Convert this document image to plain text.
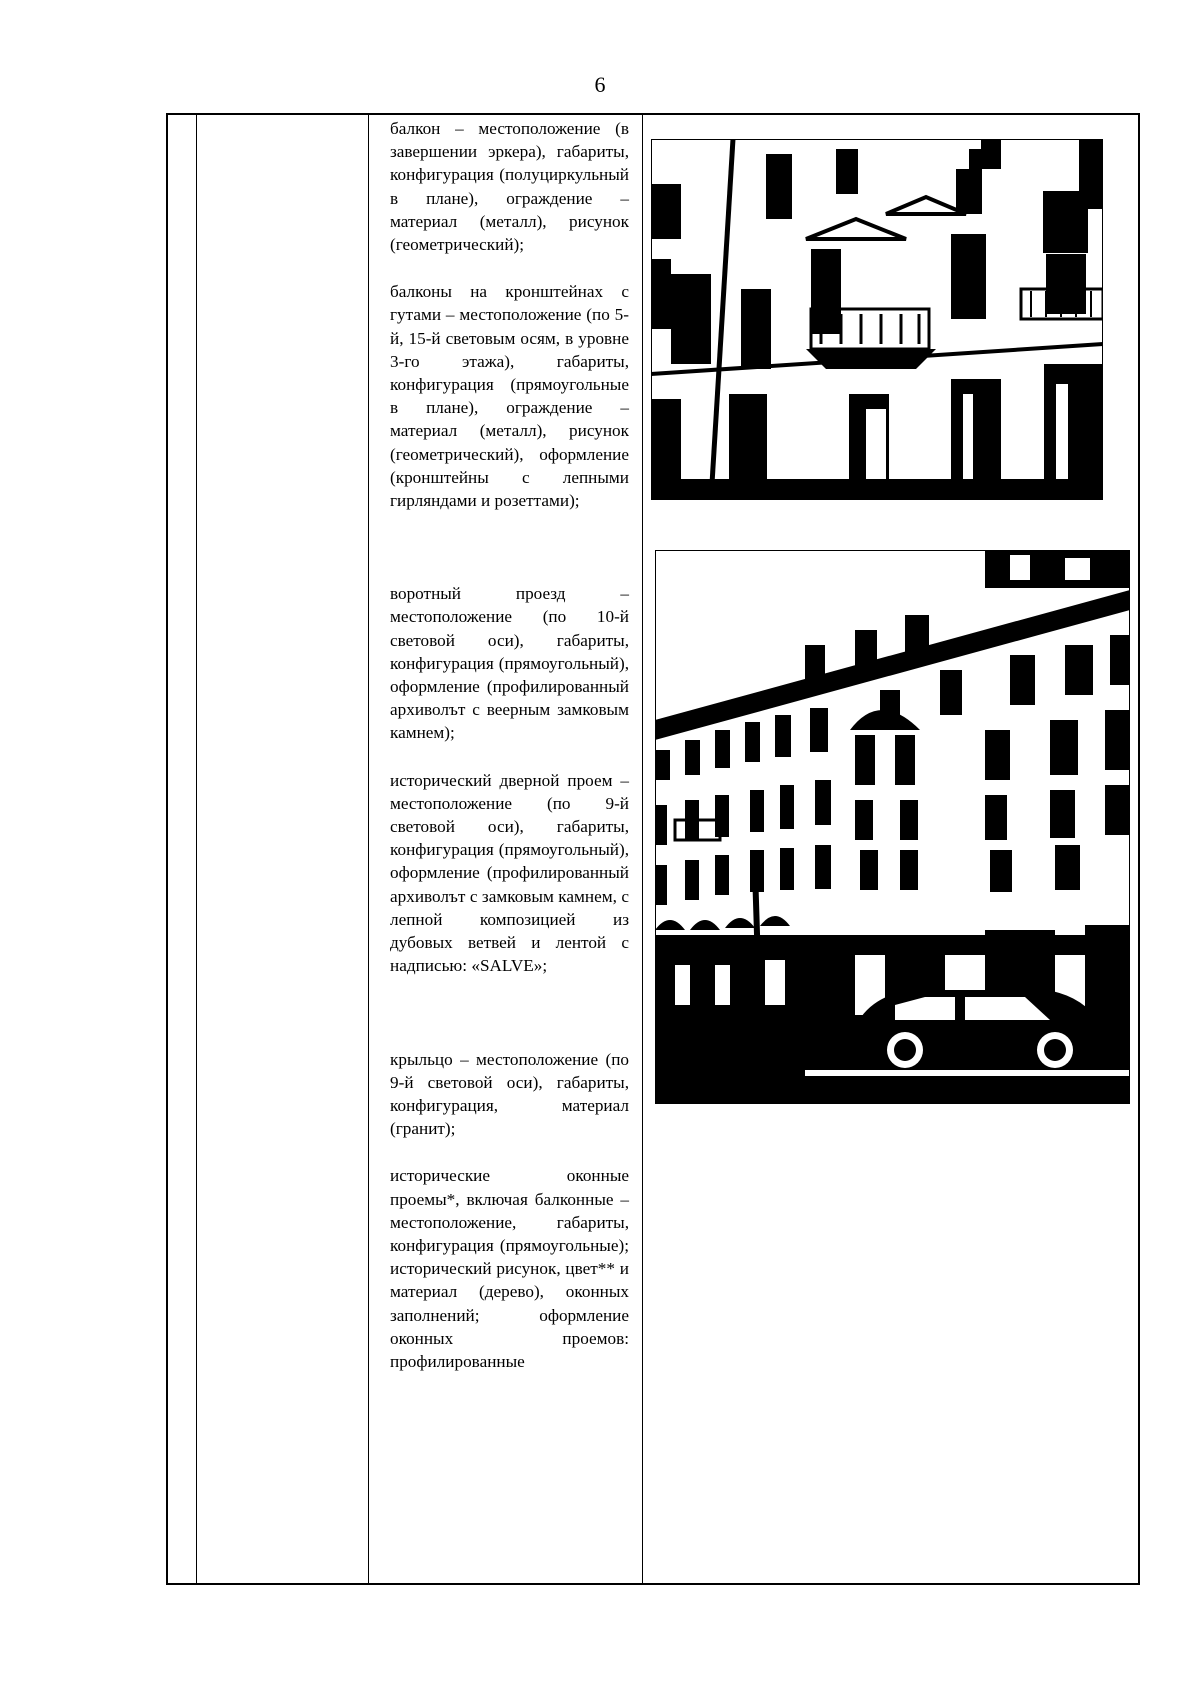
6

балкон – местоположение (в завершении эркера), габариты, конфигурация (полуциркульный в плане), ограждение – материал (металл), рисунок (геометрический);

балконы на кронштейнах с гутами – местоположение (по 5-й, 15-й световым осям, в уровне 3-го этажа), габариты, конфигурация (прямоугольные в плане), ограждение – материал (металл), рисунок (геометрический), оформление (кронштейны с лепными гирляндами и розеттами);

воротный проезд – местоположение (по 10-й световой оси), габариты, конфигурация (прямоугольный), оформление (профилированный архиволът с веерным замковым камнем);

исторический дверной проем – местоположение (по 9-й световой оси), габариты, конфигурация (прямоугольный), оформление (профилированный архиволът с замковым камнем, с лепной композицией из дубовых ветвей и лентой с надписью: «SALVE»;

крыльцо – местоположение (по 9-й световой оси), габариты, конфигурация, материал (гранит);

исторические оконные проемы*, включая балконные – местоположение, габариты, конфигурация (прямоугольные); исторический рисунок, цвет** и материал (дерево), оконных заполнений; оформление оконных проемов: профилированные
